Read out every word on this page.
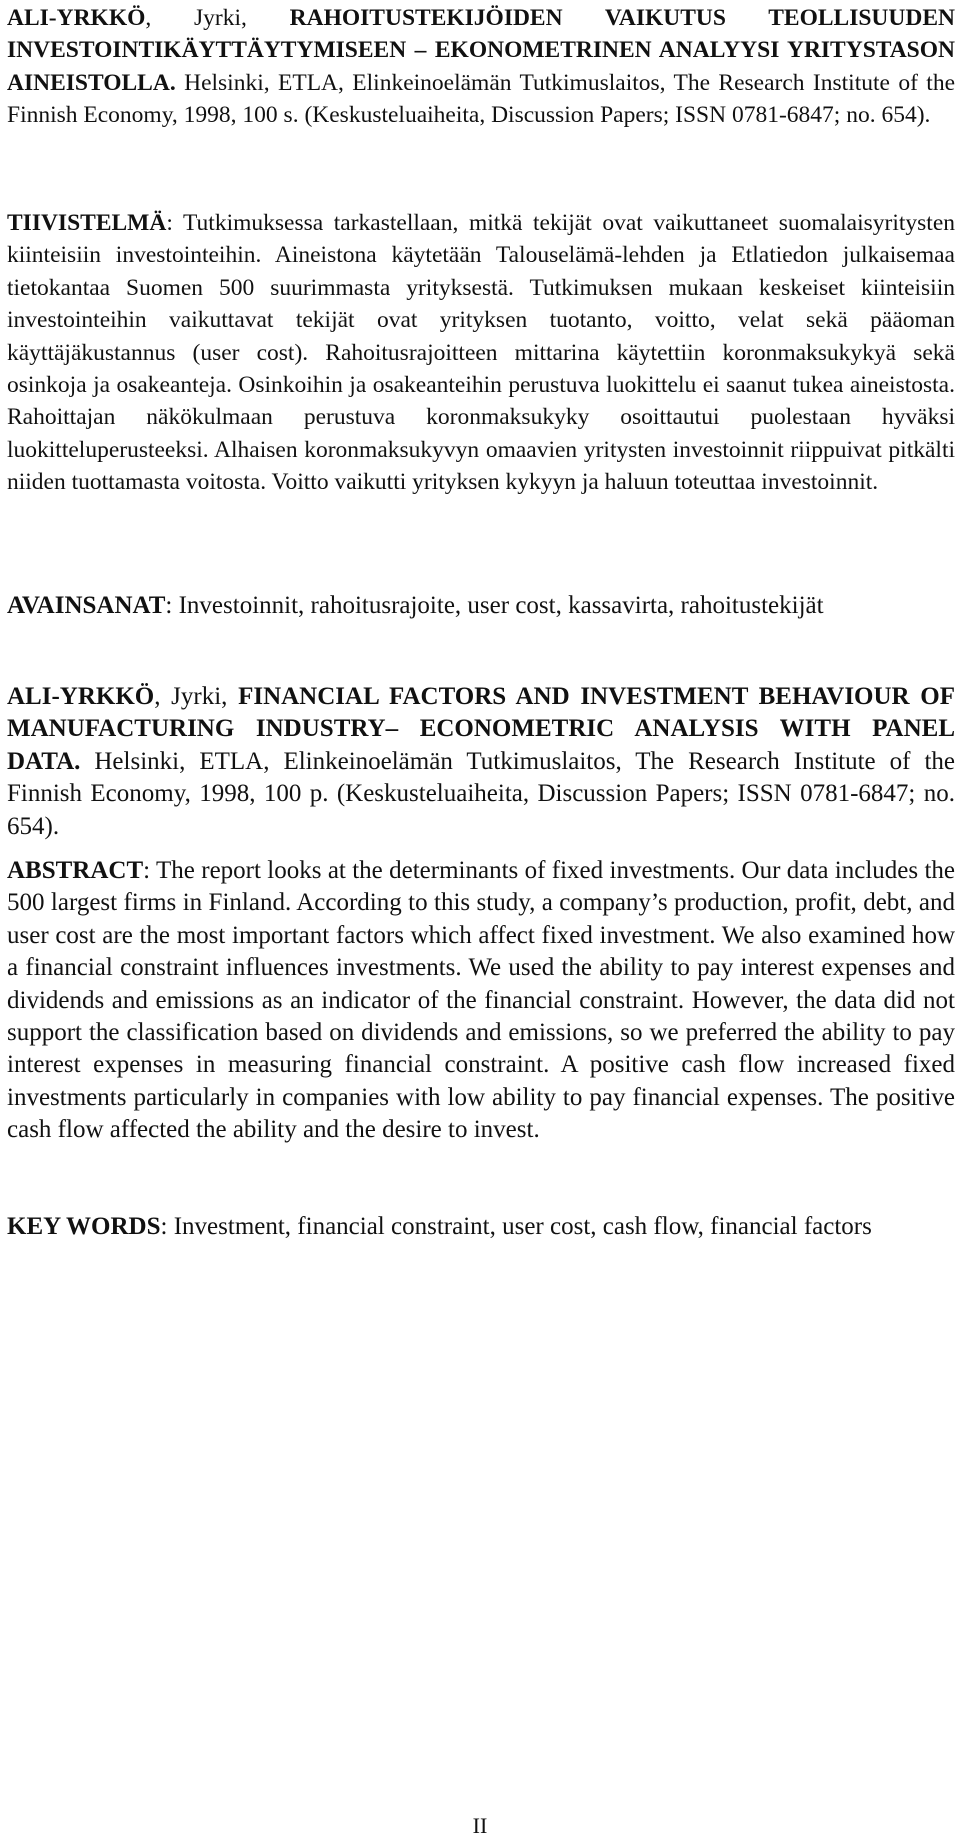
ALI-YRKKÖ, Jyrki, RAHOITUSTEKIJÖIDEN VAIKUTUS TEOLLISUUDEN
INVESTOINTIKÄYTTÄYTYMISEEN – EKONOMETRINEN ANALYYSI YRITYSTASON
AINEISTOLLA. Helsinki, ETLA, Elinkeinoelämän Tutkimuslaitos, The Research Institute of the
Finnish Economy, 1998, 100 s. (Keskusteluaiheita, Discussion Papers; ISSN 0781-6847; no. 654).

TIIVISTELMÄ: Tutkimuksessa tarkastellaan, mitkä tekijät ovat vaikuttaneet suomalaisyritysten
kiinteisiin investointeihin. Aineistona käytetään Talouselämä-lehden ja Etlatiedon julkaisemaa
tietokantaa Suomen 500 suurimmasta yrityksestä. Tutkimuksen mukaan keskeiset kiinteisiin
investointeihin vaikuttavat tekijät ovat yrityksen tuotanto, voitto, velat sekä pääoman
käyttäjäkustannus (user cost). Rahoitusrajoitteen mittarina käytettiin koronmaksukykyä sekä
osinkoja ja osakeanteja. Osinkoihin ja osakeanteihin perustuva luokittelu ei saanut tukea aineistosta.
Rahoittajan näkökulmaan perustuva koronmaksukyky osoittautui puolestaan hyväksi
luokitteluperusteeksi. Alhaisen koronmaksukyvyn omaavien yritysten investoinnit riippuivat pitkälti
niiden tuottamasta voitosta. Voitto vaikutti yrityksen kykyyn ja haluun toteuttaa investoinnit.

AVAINSANAT: Investoinnit, rahoitusrajoite, user cost, kassavirta, rahoitustekijät

ALI-YRKKÖ, Jyrki, FINANCIAL FACTORS AND INVESTMENT BEHAVIOUR OF
MANUFACTURING INDUSTRY– ECONOMETRIC ANALYSIS WITH PANEL
DATA. Helsinki, ETLA, Elinkeinoelämän Tutkimuslaitos, The Research Institute of the
Finnish Economy, 1998, 100 p. (Keskusteluaiheita, Discussion Papers; ISSN 0781-6847; no.
654).

ABSTRACT: The report looks at the determinants of fixed investments. Our data includes the
500 largest firms in Finland. According to this study, a company’s production, profit, debt, and
user cost are the most important factors which affect fixed investment. We also examined how
a financial constraint influences investments. We used the ability to pay interest expenses and
dividends and emissions as an indicator of the financial constraint. However, the data did not
support the classification based on dividends and emissions, so we preferred the ability to pay
interest expenses in measuring financial constraint. A positive cash flow increased fixed
investments particularly in companies with low ability to pay financial expenses. The positive
cash flow affected the ability and the desire to invest.

KEY WORDS: Investment, financial constraint, user cost, cash flow, financial factors

II
